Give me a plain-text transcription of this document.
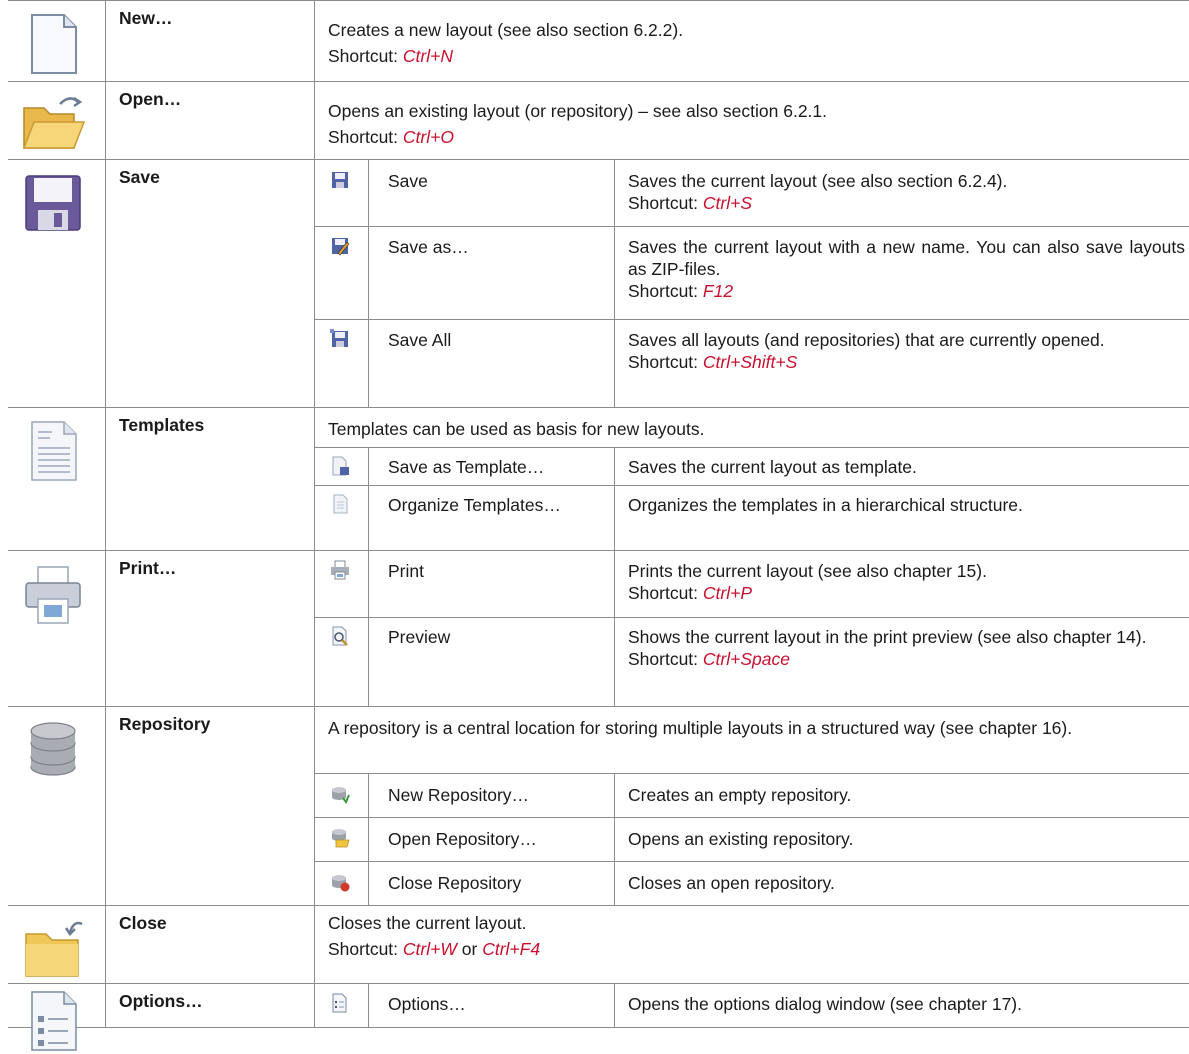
New…

Creates a new layout (see also section 6.2.2).

Shortcut: Ctrl+N

Open…

Opens an existing layout (or repository) – see also section 6.2.1.

Shortcut: Ctrl+O

Save	Save	Saves the current layout (see also section 6.2.4).

Shortcut: Ctrl+S

Save as…	Saves the current layout with a new name. You can also save layouts as ZIP-files.

Shortcut: F12

Save All	Saves all layouts (and repositories) that are currently opened.

Shortcut: Ctrl+Shift+S

Templates	Templates can be used as basis for new layouts.

Save as Template…	Saves the current layout as template.

Organize Templates…	Organizes the templates in a hierarchical structure.

Print…	Print	Prints the current layout (see also chapter 15).

Shortcut: Ctrl+P

Preview	Shows the current layout in the print preview (see also chapter 14).

Shortcut: Ctrl+Space

Repository	A repository is a central location for storing multiple layouts in a structured way (see chapter 16).

New Repository…	Creates an empty repository.

Open Repository…	Opens an existing repository.

Close Repository	Closes an open repository.

Close	Closes the current layout.

Shortcut: Ctrl+W or Ctrl+F4

Options…	Options…	Opens the options dialog window (see chapter 17).
